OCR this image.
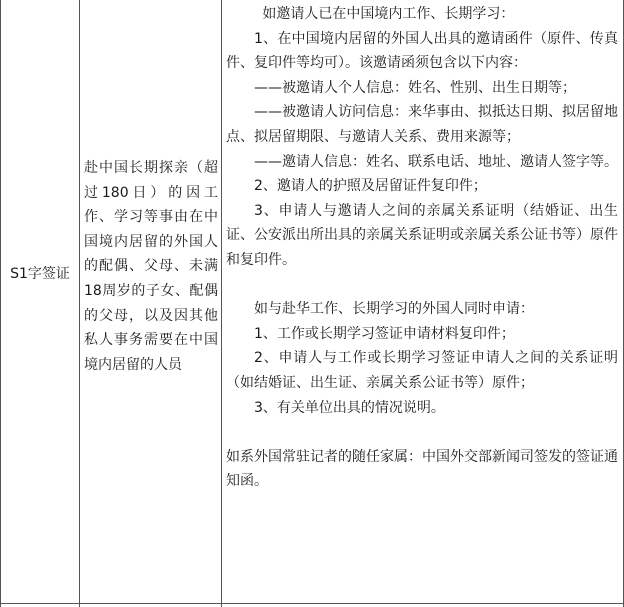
S1字签证
赴中国长期探亲（超过180日）的因工作、学习等事由在中国境内居留的外国人的配偶、父母、未满18周岁的子女、配偶的父母，以及因其他私人事务需要在中国境内居留的人员

如邀请人已在中国境内工作、长期学习：

1、在中国境内居留的外国人出具的邀请函件（原件、传真件、复印件等均可）。该邀请函须包含以下内容：

——被邀请人个人信息：姓名、性别、出生日期等；

——被邀请人访问信息：来华事由、拟抵达日期、拟居留地点、拟居留期限、与邀请人关系、费用来源等；

——邀请人信息：姓名、联系电话、地址、邀请人签字等。

2、邀请人的护照及居留证件复印件；

3、申请人与邀请人之间的亲属关系证明（结婚证、出生证、公安派出所出具的亲属关系证明或亲属关系公证书等）原件和复印件。

如与赴华工作、长期学习的外国人同时申请：

1、工作或长期学习签证申请材料复印件；

2、申请人与工作或长期学习签证申请人之间的关系证明（如结婚证、出生证、亲属关系公证书等）原件；

3、有关单位出具的情况说明。

如系外国常驻记者的随任家属：中国外交部新闻司签发的签证通知函。
